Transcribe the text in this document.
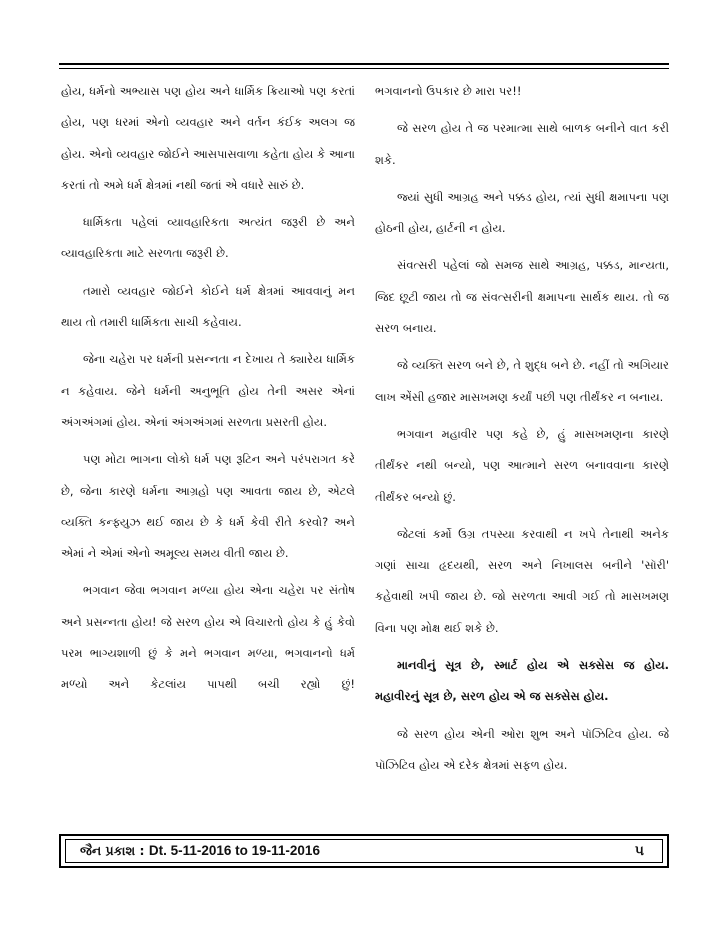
હોય, ધર્મનો અભ્યાસ પણ હોય અને ધાર્મિક ક્રિયાઓ પણ કરતાં હોય, પણ ધરમાં એનો વ્યવહાર અને વર્તન કંઈક અલગ જ હોય. એનો વ્યવહાર જોઈને આસપાસવાળા કહેતા હોય કે આના કરતાં તો અમે ધર્મ ક્ષેત્રમાં નથી જતાં એ વધારે સારું છે.

ધાર્મિકતા પહેલાં વ્યાવહારિકતા અત્યંત જરૂરી છે અને વ્યાવહારિકતા માટે સરળતા જરૂરી છે.

તમારો વ્યવહાર જોઈને કોઈને ધર્મ ક્ષેત્રમાં આવવાનું મન થાય તો તમારી ધાર્મિકતા સાચી કહેવાય.

જેના ચહેરા પર ધર્મની પ્રસન્નતા ન દેખાય તે ક્યારેય ધાર્મિક ન કહેવાય. જેને ધર્મની અનુભૂતિ હોય તેની અસર એનાં અંગઅંગમાં હોય. એનાં અંગઅંગમાં સરળતા પ્રસરતી હોય.

પણ મોટા ભાગના લોકો ધર્મ પણ રૂટિન અને પરંપરાગત કરે છે, જેના કારણે ધર્મના આગ્રહો પણ આવતા જાય છે, એટલે વ્યક્તિ કન્ફ્યુઝ થઈ જાય છે કે ધર્મ કેવી રીતે કરવો? અને એમાં ને એમાં એનો અમૂલ્ય સમય વીતી જાય છે.

ભગવાન જેવા ભગવાન મળ્યા હોય એના ચહેરા પર સંતોષ અને પ્રસન્નતા હોય! જે સરળ હોય એ વિચારતો હોય કે હું કેવો પરમ ભાગ્યશાળી છું કે મને ભગવાન મળ્યા, ભગવાનનો ધર્મ મળ્યો અને કેટલાંય પાપથી બચી રહ્યો છું!

ભગવાનનો ઉપકાર છે મારા પર!!

જે સરળ હોય તે જ પરમાત્મા સાથે બાળક બનીને વાત કરી શકે.

જ્યાં સુધી આગ્રહ અને પક્કડ હોય, ત્યાં સુધી ક્ષમાપના પણ હોઠની હોય, હાર્ટની ન હોય.

સંવત્સરી પહેલાં જો સમજ સાથે આગ્રહ, પક્કડ, માન્યતા, જિદ છૂટી જાય તો જ સંવત્સરીની ક્ષમાપના સાર્થક થાય. તો જ સરળ બનાય.

જે વ્યક્તિ સરળ બને છે, તે શુદ્ધ બને છે. નહીં તો અગિયાર લાખ એંસી હજાર માસખમણ કર્યાં પછી પણ તીર્થંકર ન બનાય.

ભગવાન મહાવીર પણ કહે છે, હું માસખમણના કારણે તીર્થંકર નથી બન્યો, પણ આત્માને સરળ બનાવવાના કારણે તીર્થંકર બન્યો છું.

જેટલાં કર્મો ઉગ્ર તપસ્યા કરવાથી ન ખપે તેનાથી અનેક ગણાં સાચા હૃદયથી, સરળ અને નિખાલસ બનીને 'સૉરી' કહેવાથી ખપી જાય છે. જો સરળતા આવી ગઈ તો માસખમણ વિના પણ મોક્ષ થઈ શકે છે.

માનવીનું સૂત્ર છે, સ્માર્ટ હોય એ સક્સેસ જ હોય. મહાવીરનું સૂત્ર છે, સરળ હોય એ જ સક્સેસ હોય.

જે સરળ હોય એની ઓરા શુભ અને પૉઝિટિવ હોય. જે પૉઝિટિવ હોય એ દરેક ક્ષેત્રમાં સફળ હોય.

જૈન પ્રકાશ : Dt. 5-11-2016 to 19-11-2016	૫
